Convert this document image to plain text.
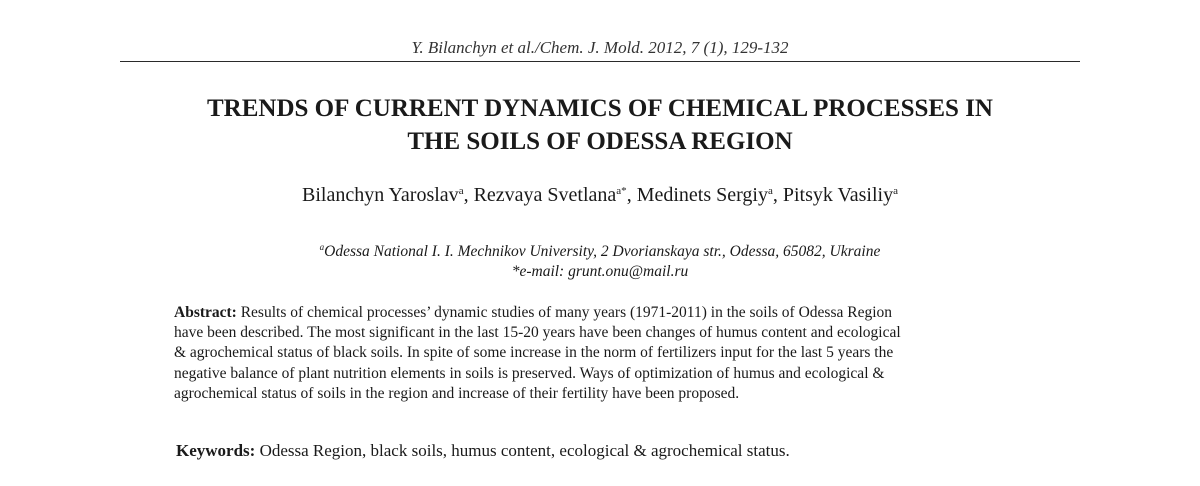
Y. Bilanchyn et al./Chem. J. Mold. 2012, 7 (1), 129-132
TRENDS OF CURRENT DYNAMICS OF CHEMICAL PROCESSES IN
THE SOILS OF ODESSA REGION
Bilanchyn Yaroslav$^a$, Rezvaya Svetlana$^{a*}$, Medinets Sergiy$^a$, Pitsyk Vasiliy$^a$
$^a$Odessa National I. I. Mechnikov University, 2 Dvorianskaya str., Odessa, 65082, Ukraine
*e-mail: grunt.onu@mail.ru
Abstract: Results of chemical processes’ dynamic studies of many years (1971-2011) in the soils of Odessa Region
have been described. The most significant in the last 15-20 years have been changes of humus content and ecological
& agrochemical status of black soils. In spite of some increase in the norm of fertilizers input for the last 5 years the
negative balance of plant nutrition elements in soils is preserved. Ways of optimization of humus and ecological &
agrochemical status of soils in the region and increase of their fertility have been proposed.
Keywords: Odessa Region, black soils, humus content, ecological & agrochemical status.
